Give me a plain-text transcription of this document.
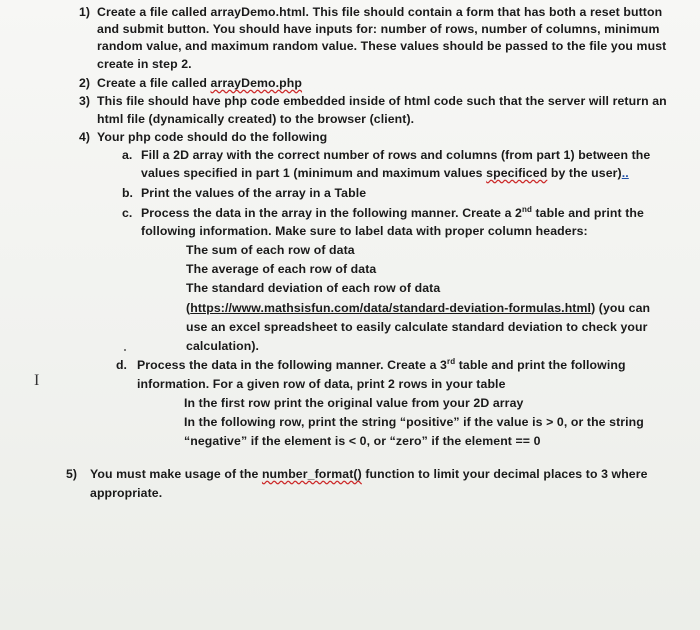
1) Create a file called arrayDemo.html. This file should contain a form that has both a reset button
and submit button. You should have inputs for: number of rows, number of columns, minimum
random value, and maximum random value. These values should be passed to the file you must
create in step 2.
2) Create a file called arrayDemo.php
3) This file should have php code embedded inside of html code such that the server will return an
html file (dynamically created) to the browser (client).
4) Your php code should do the following
a. Fill a 2D array with the correct number of rows and columns (from part 1) between the
values specified in part 1 (minimum and maximum values specificed by the user)..
b. Print the values of the array in a Table
c. Process the data in the array in the following manner. Create a 2nd table and print the
following information. Make sure to label data with proper column headers:
The sum of each row of data
The average of each row of data
The standard deviation of each row of data
(https://www.mathsisfun.com/data/standard-deviation-formulas.html) (you can
use an excel spreadsheet to easily calculate standard deviation to check your
calculation).
I
d. Process the data in the following manner. Create a 3rd table and print the following
information. For a given row of data, print 2 rows in your table
In the first row print the original value from your 2D array
In the following row, print the string “positive” if the value is > 0, or the string
“negative” if the element is < 0, or “zero” if the element == 0
5) You must make usage of the number_format() function to limit your decimal places to 3 where
appropriate.
